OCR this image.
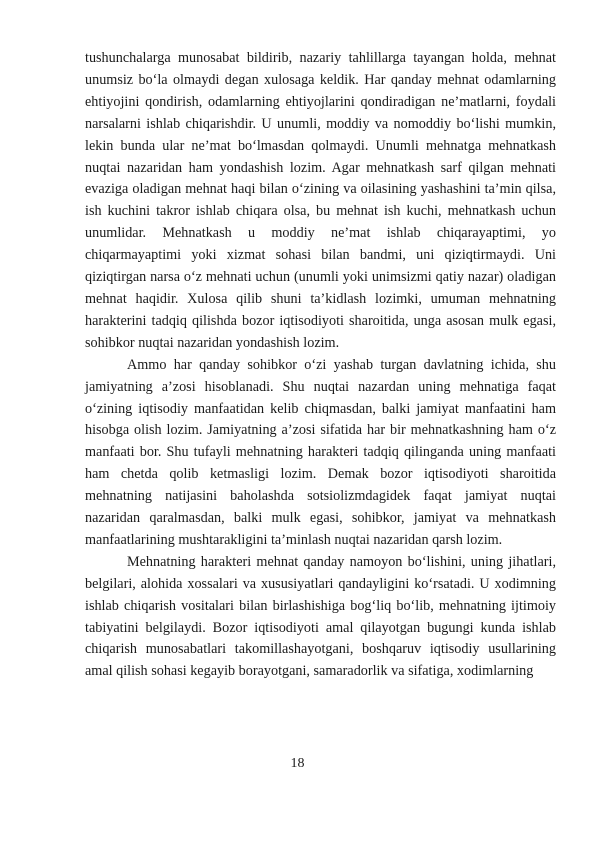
tushunchalarga munosabat bildirib, nazariy tahlillarga tayangan holda, mehnat unumsiz bo‘la olmaydi degan xulosaga keldik. Har qanday mehnat odamlarning ehtiyojini qondirish, odamlarning ehtiyojlarini qondiradigan ne’matlarni, foydali narsalarni ishlab chiqarishdir. U unumli, moddiy va nomoddiy bo‘lishi mumkin, lekin bunda ular ne’mat bo‘lmasdan qolmaydi. Unumli mehnatga mehnatkash nuqtai nazaridan ham yondashish lozim. Agar mehnatkash sarf qilgan mehnati evaziga oladigan mehnat haqi bilan o‘zining va oilasining yashashini ta’min qilsa, ish kuchini takror ishlab chiqara olsa, bu mehnat ish kuchi, mehnatkash uchun unumlidar. Mehnatkash u moddiy ne’mat ishlab chiqarayaptimi, yo chiqarmayaptimi yoki xizmat sohasi bilan bandmi, uni qiziqtirmaydi. Uni qiziqtirgan narsa o‘z mehnati uchun (unumli yoki unimsizmi qatiy nazar) oladigan mehnat haqidir. Xulosa qilib shuni ta’kidlash lozimki, umuman mehnatning harakterini tadqiq qilishda bozor iqtisodiyoti sharoitida, unga asosan mulk egasi, sohibkor nuqtai nazaridan yondashish lozim.

Ammo har qanday sohibkor o‘zi yashab turgan davlatning ichida, shu jamiyatning a’zosi hisoblanadi. Shu nuqtai nazardan uning mehnatiga faqat o‘zining iqtisodiy manfaatidan kelib chiqmasdan, balki jamiyat manfaatini ham hisobga olish lozim. Jamiyatning a’zosi sifatida har bir mehnatkashning ham o‘z manfaati bor. Shu tufayli mehnatning harakteri tadqiq qilinganda uning manfaati ham chetda qolib ketmasligi lozim. Demak bozor iqtisodiyoti sharoitida mehnatning natijasini baholashda sotsiolizmdagidek faqat jamiyat nuqtai nazaridan qaralmasdan, balki mulk egasi, sohibkor, jamiyat va mehnatkash manfaatlarining mushtarakligini ta’minlash nuqtai nazaridan qarsh lozim.

Mehnatning harakteri mehnat qanday namoyon bo‘lishini, uning jihatlari, belgilari, alohida xossalari va xususiyatlari qandayligini ko‘rsatadi. U xodimning ishlab chiqarish vositalari bilan birlashishiga bog‘liq bo‘lib, mehnatning ijtimoiy tabiyatini belgilaydi. Bozor iqtisodiyoti amal qilayotgan bugungi kunda ishlab chiqarish munosabatlari takomillashayotgani, boshqaruv iqtisodiy usullarining amal qilish sohasi kegayib borayotgani, samaradorlik va sifatiga, xodimlarning

18
